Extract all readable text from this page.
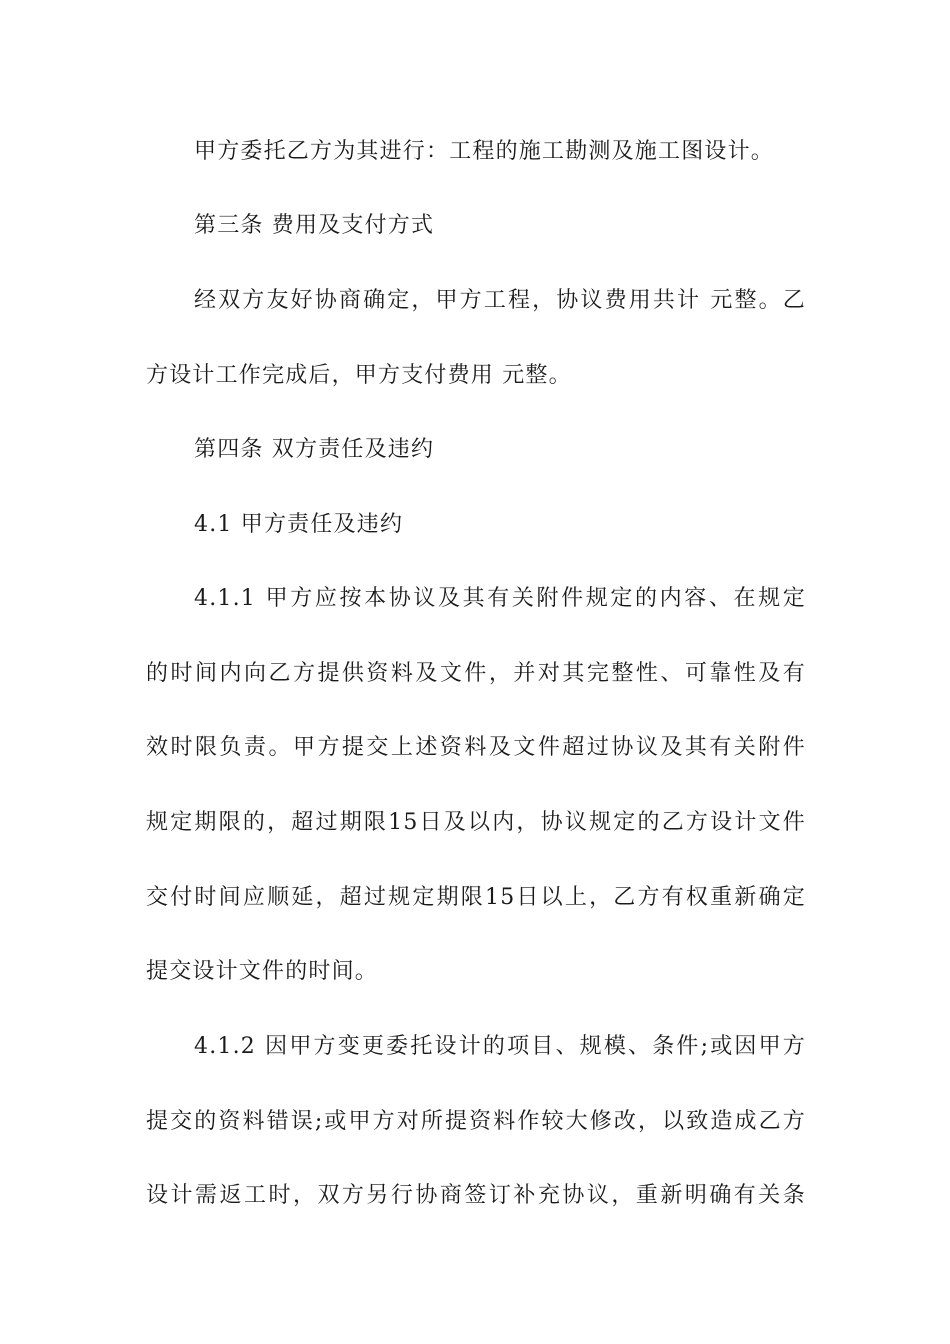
甲方委托乙方为其进行：工程的施工勘测及施工图设计。
第三条 费用及支付方式
经双方友好协商确定，甲方工程，协议费用共计 元整。乙
方设计工作完成后，甲方支付费用 元整。
第四条 双方责任及违约
4.1 甲方责任及违约
4.1.1 甲方应按本协议及其有关附件规定的内容、在规定
的时间内向乙方提供资料及文件，并对其完整性、可靠性及有
效时限负责。甲方提交上述资料及文件超过协议及其有关附件
规定期限的，超过期限15日及以内，协议规定的乙方设计文件
交付时间应顺延，超过规定期限15日以上，乙方有权重新确定
提交设计文件的时间。
4.1.2 因甲方变更委托设计的项目、规模、条件;或因甲方
提交的资料错误;或甲方对所提资料作较大修改，以致造成乙方
设计需返工时，双方另行协商签订补充协议，重新明确有关条
